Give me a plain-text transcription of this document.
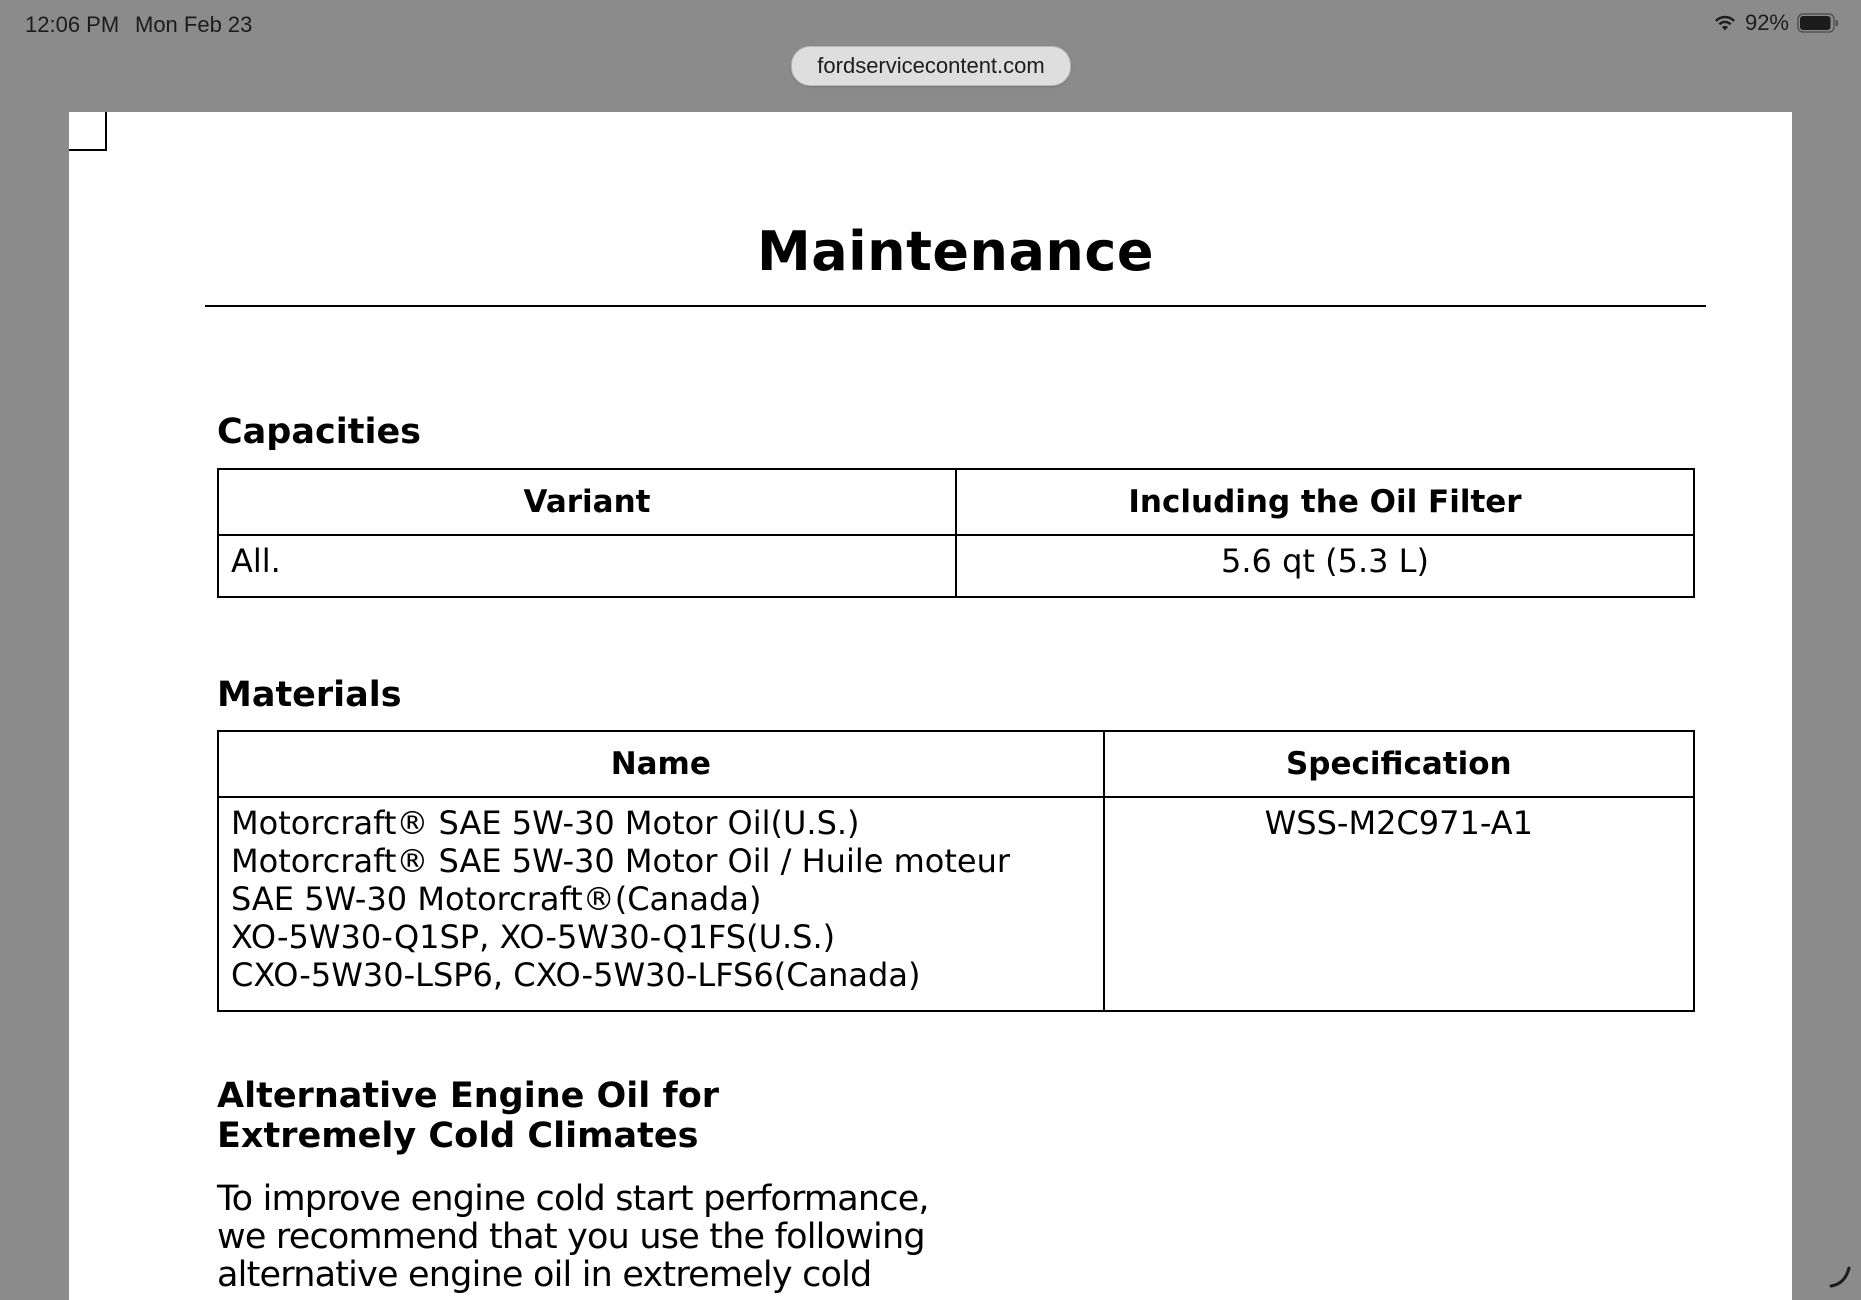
12:06 PM Mon Feb 23	92%
fordservicecontent.com
Maintenance
Capacities
Variant	Including the Oil Filter
All.	5.6 qt (5.3 L)
Materials
Name	Specification

Motorcraft® SAE 5W-30 Motor Oil(U.S.)
Motorcraft® SAE 5W-30 Motor Oil / Huile moteur
SAE 5W-30 Motorcraft®(Canada)
XO-5W30-Q1SP, XO-5W30-Q1FS(U.S.)
CXO-5W30-LSP6, CXO-5W30-LFS6(Canada)	WSS-M2C971-A1
Alternative Engine Oil for
Extremely Cold Climates
To improve engine cold start performance,
we recommend that you use the following
alternative engine oil in extremely cold
